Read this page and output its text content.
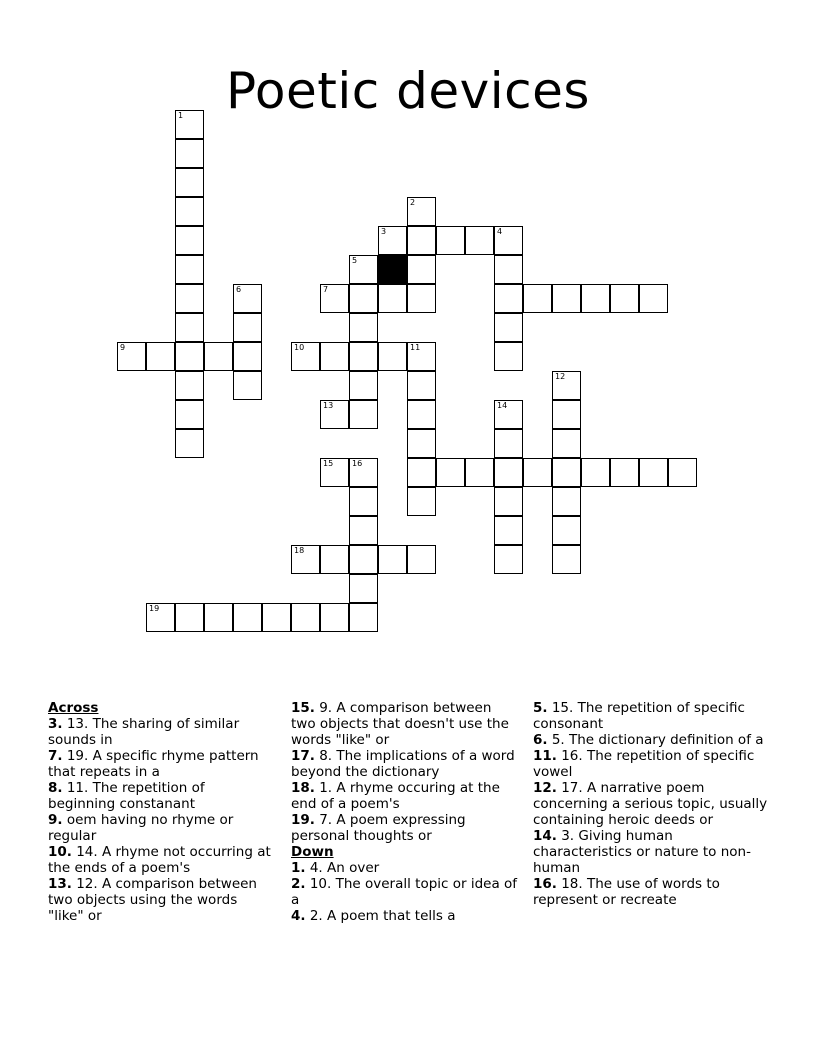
Poetic devices
1
2
3	4
5
6	7
9	10	11
12
13	14
15 16
18
19
Across
3. 13. The sharing of similar sounds in
7. 19. A specific rhyme pattern that repeats in a
8. 11. The repetition of beginning constanant
9. oem having no rhyme or regular
10. 14. A rhyme not occurring at the ends of a poem's
13. 12. A comparison between two objects using the words "like" or
15. 9. A comparison between two objects that doesn't use the words "like" or
17. 8. The implications of a word beyond the dictionary
18. 1. A rhyme occuring at the end of a poem's
19. 7. A poem expressing personal thoughts or
Down
1. 4. An over
2. 10. The overall topic or idea of a
4. 2. A poem that tells a
5. 15. The repetition of specific consonant
6. 5. The dictionary definition of a
11. 16. The repetition of specific vowel
12. 17. A narrative poem concerning a serious topic, usually containing heroic deeds or
14. 3. Giving human characteristics or nature to non-human
16. 18. The use of words to represent or recreate
